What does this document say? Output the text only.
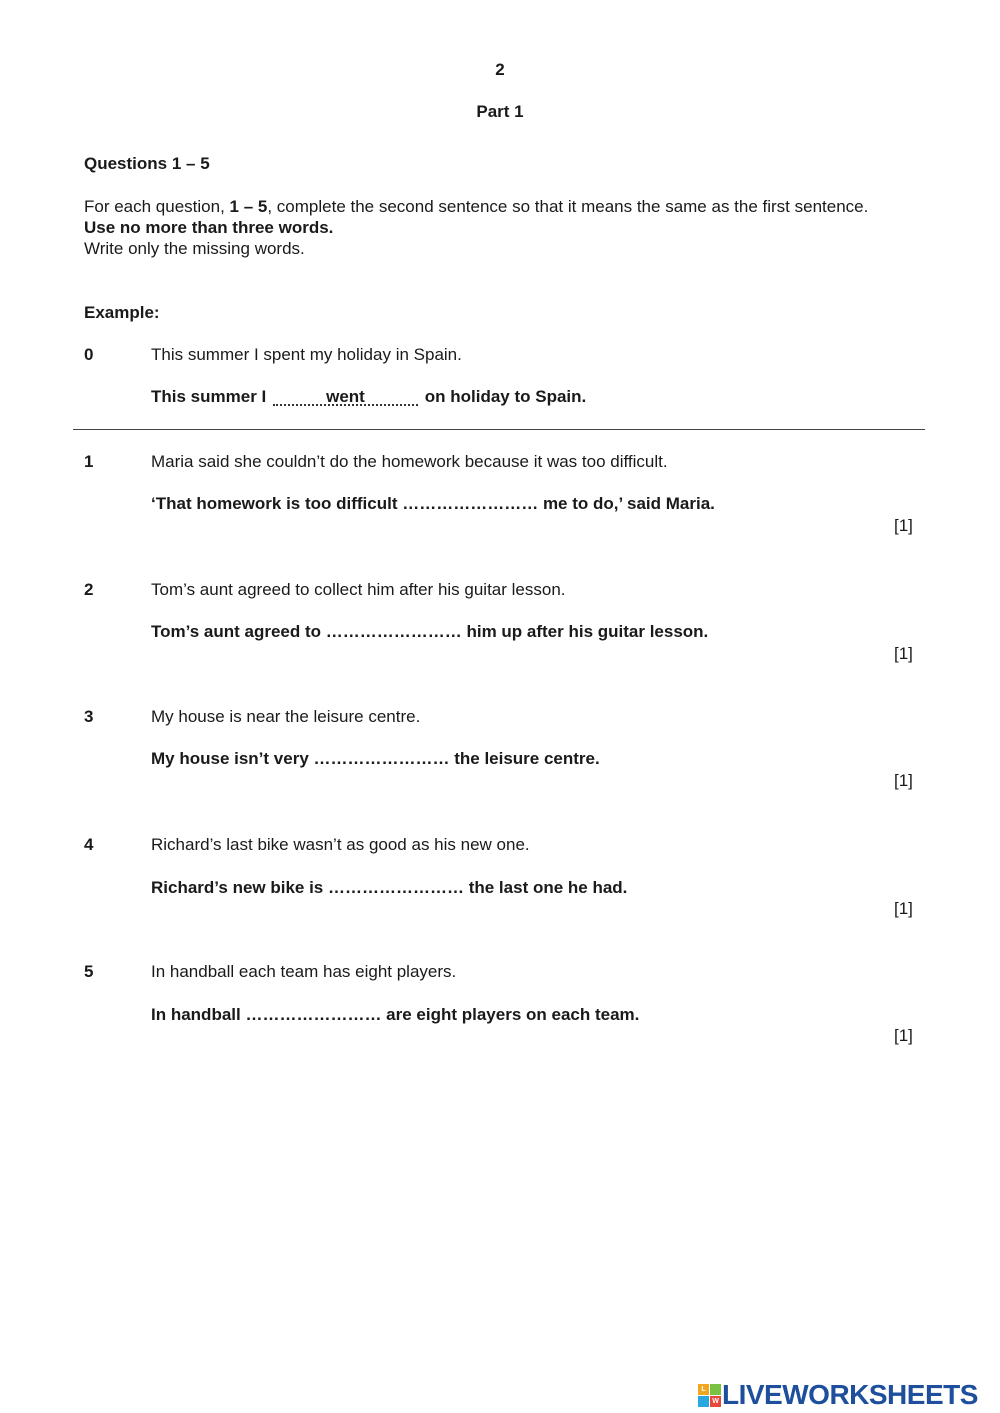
2
Part 1
Questions 1 – 5
For each question, 1 – 5, complete the second sentence so that it means the same as the first sentence.
Use no more than three words.
Write only the missing words.
Example:
0	This summer I spent my holiday in Spain.
This summer I	went	on holiday to Spain.
1	Maria said she couldn’t do the homework because it was too difficult.
‘That homework is too difficult …………………… me to do,’ said Maria.
[1]
2	Tom’s aunt agreed to collect him after his guitar lesson.
Tom’s aunt agreed to …………………… him up after his guitar lesson.
[1]
3	My house is near the leisure centre.
My house isn’t very …………………… the leisure centre.
[1]
4	Richard’s last bike wasn’t as good as his new one.
Richard’s new bike is …………………… the last one he had.
[1]
5	In handball each team has eight players.
In handball …………………… are eight players on each team.
[1]
L
W LIVEWORKSHEETS
